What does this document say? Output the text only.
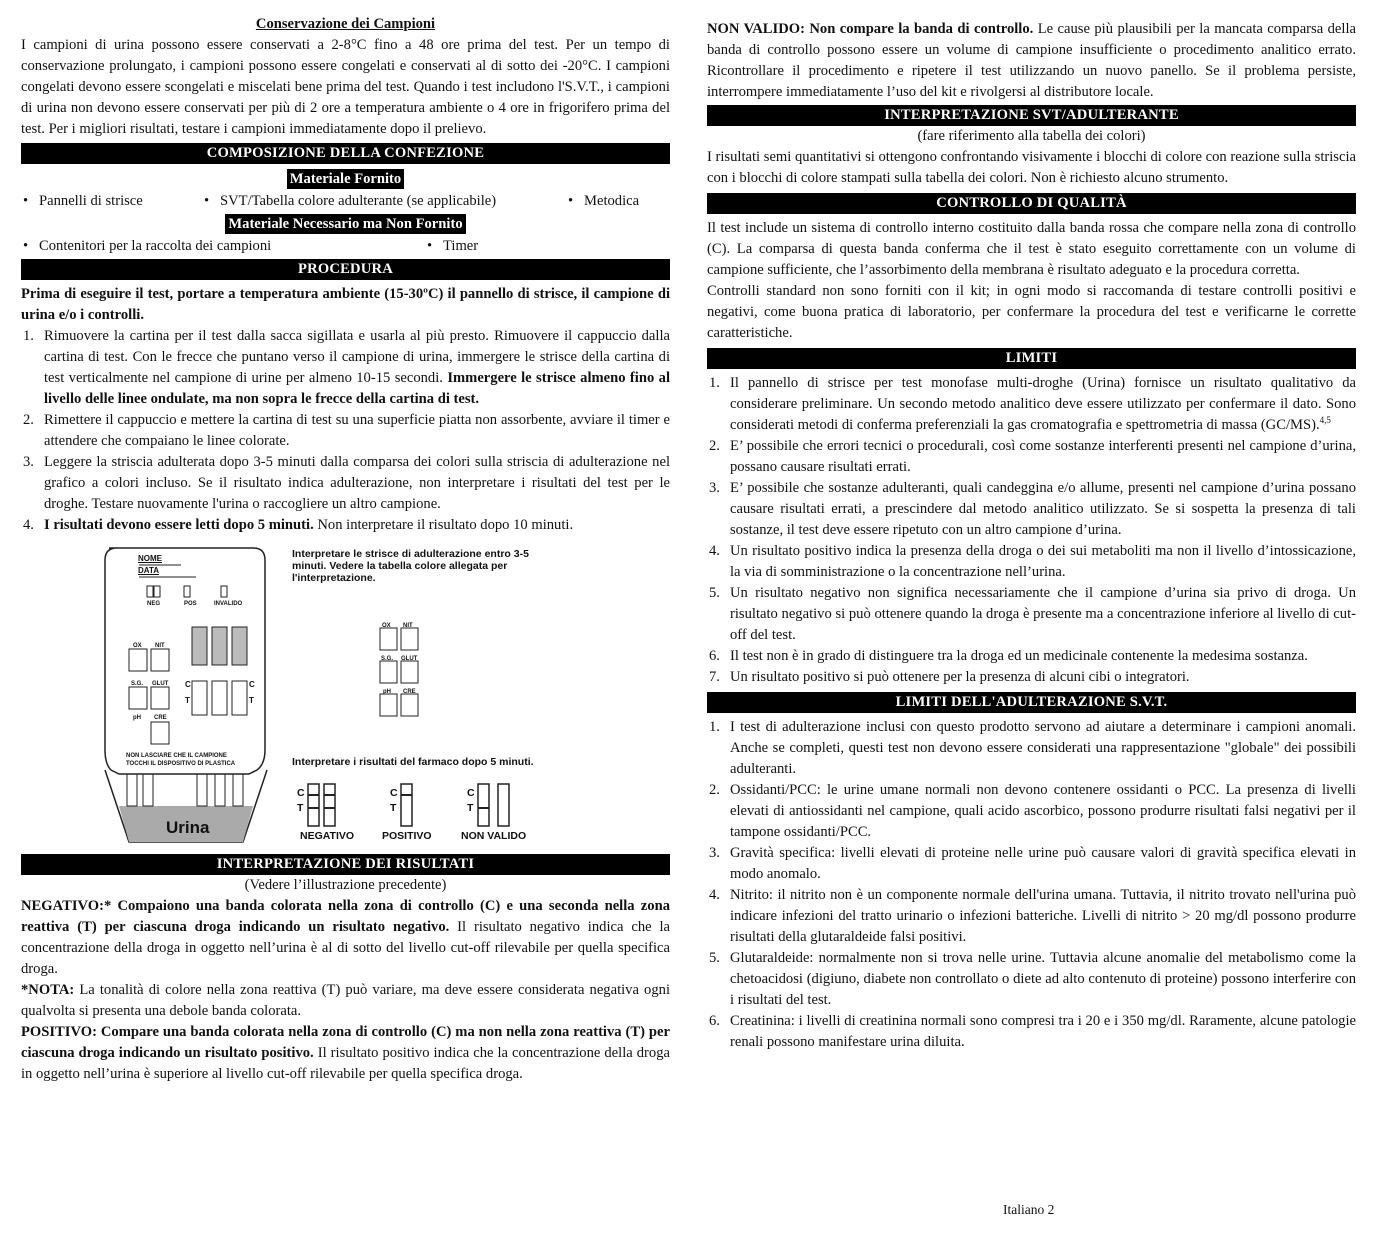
Conservazione dei Campioni

I campioni di urina possono essere conservati a 2-8°C fino a 48 ore prima del test. Per un tempo di conservazione prolungato, i campioni possono essere congelati e conservati al di sotto dei -20°C. I campioni congelati devono essere scongelati e miscelati bene prima del test. Quando i test includono l'S.V.T., i campioni di urina non devono essere conservati per più di 2 ore a temperatura ambiente o 4 ore in frigorifero prima del test. Per i migliori risultati, testare i campioni immediatamente dopo il prelievo.

COMPOSIZIONE DELLA CONFEZIONE
Materiale Fornito
• Pannelli di strisce	• SVT/Tabella colore adulterante (se applicabile)	• Metodica
Materiale Necessario ma Non Fornito
• Contenitori per la raccolta dei campioni	• Timer
PROCEDURA

Prima di eseguire il test, portare a temperatura ambiente (15-30ºC) il pannello di strisce, il campione di urina e/o i controlli.

1. Rimuovere la cartina per il test dalla sacca sigillata e usarla al più presto. Rimuovere il cappuccio dalla cartina di test. Con le frecce che puntano verso il campione di urina, immergere le strisce della cartina di test verticalmente nel campione di urine per almeno 10-15 secondi. Immergere le strisce almeno fino al livello delle linee ondulate, ma non sopra le frecce della cartina di test.
2. Rimettere il cappuccio e mettere la cartina di test su una superficie piatta non assorbente, avviare il timer e attendere che compaiano le linee colorate.
3. Leggere la striscia adulterata dopo 3-5 minuti dalla comparsa dei colori sulla striscia di adulterazione nel grafico a colori incluso. Se il risultato indica adulterazione, non interpretare i risultati del test per le droghe. Testare nuovamente l'urina o raccogliere un altro campione.
4. I risultati devono essere letti dopo 5 minuti. Non interpretare il risultato dopo 10 minuti.
NOME
DATA
NEG	POS	INVALIDO
OX NIT
S.G. GLUT
pH CRE
C
T
C
T
NON LASCIARE CHE IL CAMPIONE
TOCCHI IL DISPOSITIVO DI PLASTICA
Urina
Interpretare le strisce di adulterazione entro 3-5 minuti. Vedere la tabella colore allegata per l'interpretazione.
OX NIT
S.G. GLUT
pH CRE
Interpretare i risultati del farmaco dopo 5 minuti.
C
T
C
T
C
T
NEGATIVO	POSITIVO	NON VALIDO
INTERPRETAZIONE DEI RISULTATI
(Vedere l’illustrazione precedente)

NEGATIVO:* Compaiono una banda colorata nella zona di controllo (C) e una seconda nella zona reattiva (T) per ciascuna droga indicando un risultato negativo. Il risultato negativo indica che la concentrazione della droga in oggetto nell’urina è al di sotto del livello cut-off rilevabile per quella specifica droga.

*NOTA: La tonalità di colore nella zona reattiva (T) può variare, ma deve essere considerata negativa ogni qualvolta si presenta una debole banda colorata.

POSITIVO: Compare una banda colorata nella zona di controllo (C) ma non nella zona reattiva (T) per ciascuna droga indicando un risultato positivo. Il risultato positivo indica che la concentrazione della droga in oggetto nell’urina è superiore al livello cut-off rilevabile per quella specifica droga.

NON VALIDO: Non compare la banda di controllo. Le cause più plausibili per la mancata comparsa della banda di controllo possono essere un volume di campione insufficiente o procedimento analitico errato. Ricontrollare il procedimento e ripetere il test utilizzando un nuovo panello. Se il problema persiste, interrompere immediatamente l’uso del kit e rivolgersi al distributore locale.

INTERPRETAZIONE SVT/ADULTERANTE
(fare riferimento alla tabella dei colori)

I risultati semi quantitativi si ottengono confrontando visivamente i blocchi di colore con reazione sulla striscia con i blocchi di colore stampati sulla tabella dei colori. Non è richiesto alcuno strumento.

CONTROLLO DI QUALITÀ

Il test include un sistema di controllo interno costituito dalla banda rossa che compare nella zona di controllo (C). La comparsa di questa banda conferma che il test è stato eseguito correttamente con un volume di campione sufficiente, che l’assorbimento della membrana è risultato adeguato e la procedura corretta.

Controlli standard non sono forniti con il kit; in ogni modo si raccomanda di testare controlli positivi e negativi, come buona pratica di laboratorio, per confermare la procedura del test e verificarne le corrette caratteristiche.

LIMITI
1. Il pannello di strisce per test monofase multi-droghe (Urina) fornisce un risultato qualitativo da considerare preliminare. Un secondo metodo analitico deve essere utilizzato per confermare il dato. Sono considerati metodi di conferma preferenziali la gas cromatografia e spettrometria di massa (GC/MS).$^{4,5}$
2. E’ possibile che errori tecnici o procedurali, così come sostanze interferenti presenti nel campione d’urina, possano causare risultati errati.
3. E’ possibile che sostanze adulteranti, quali candeggina e/o allume, presenti nel campione d’urina possano causare risultati errati, a prescindere dal metodo analitico utilizzato. Se si sospetta la presenza di tali sostanze, il test deve essere ripetuto con un altro campione d’urina.
4. Un risultato positivo indica la presenza della droga o dei sui metaboliti ma non il livello d’intossicazione, la via di somministrazione o la concentrazione nell’urina.
5. Un risultato negativo non significa necessariamente che il campione d’urina sia privo di droga. Un risultato negativo si può ottenere quando la droga è presente ma a concentrazione inferiore al livello di cut-off del test.
6. Il test non è in grado di distinguere tra la droga ed un medicinale contenente la medesima sostanza.
7. Un risultato positivo si può ottenere per la presenza di alcuni cibi o integratori.
LIMITI DELL'ADULTERAZIONE S.V.T.
1. I test di adulterazione inclusi con questo prodotto servono ad aiutare a determinare i campioni anomali. Anche se completi, questi test non devono essere considerati una rappresentazione "globale" dei possibili adulteranti.
2. Ossidanti/PCC: le urine umane normali non devono contenere ossidanti o PCC. La presenza di livelli elevati di antiossidanti nel campione, quali acido ascorbico, possono produrre risultati falsi negativi per il tampone ossidanti/PCC.
3. Gravità specifica: livelli elevati di proteine nelle urine può causare valori di gravità specifica elevati in modo anomalo.
4. Nitrito: il nitrito non è un componente normale dell'urina umana. Tuttavia, il nitrito trovato nell'urina può indicare infezioni del tratto urinario o infezioni batteriche. Livelli di nitrito > 20 mg/dl possono produrre risultati della glutaraldeide falsi positivi.
5. Glutaraldeide: normalmente non si trova nelle urine. Tuttavia alcune anomalie del metabolismo come la chetoacidosi (digiuno, diabete non controllato o diete ad alto contenuto di proteine) possono interferire con i risultati del test.
6. Creatinina: i livelli di creatinina normali sono compresi tra i 20 e i 350 mg/dl. Raramente, alcune patologie renali possono manifestare urina diluita.
Italiano 2
